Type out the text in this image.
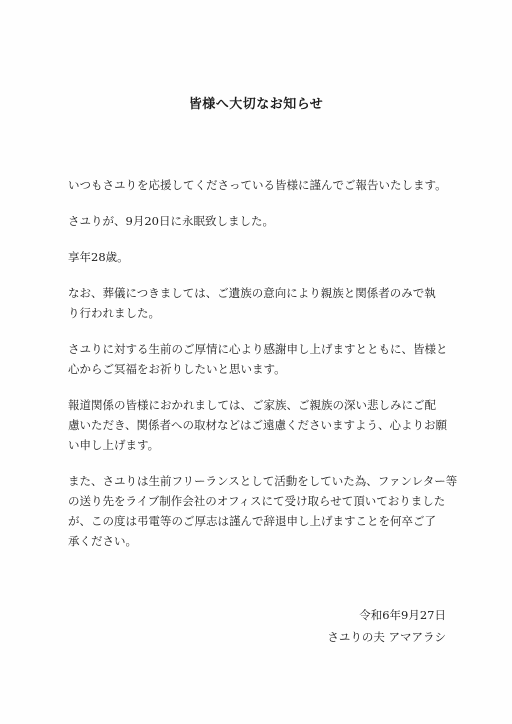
皆様へ大切なお知らせ

いつもさユりを応援してくださっている皆様に謹んでご報告いたします。

さユりが、9月20日に永眠致しました。

享年28歳。

なお、葬儀につきましては、ご遺族の意向により親族と関係者のみで執
り行われました。

さユりに対する生前のご厚情に心より感謝申し上げますとともに、皆様と
心からご冥福をお祈りしたいと思います。

報道関係の皆様におかれましては、ご家族、ご親族の深い悲しみにご配
慮いただき、関係者への取材などはご遠慮くださいますよう、心よりお願
い申し上げます。

また、さユりは生前フリーランスとして活動をしていた為、ファンレター等
の送り先をライブ制作会社のオフィスにて受け取らせて頂いておりました
が、この度は弔電等のご厚志は謹んで辞退申し上げますことを何卒ご了
承ください。

令和6年9月27日
さユりの夫 アマアラシ
